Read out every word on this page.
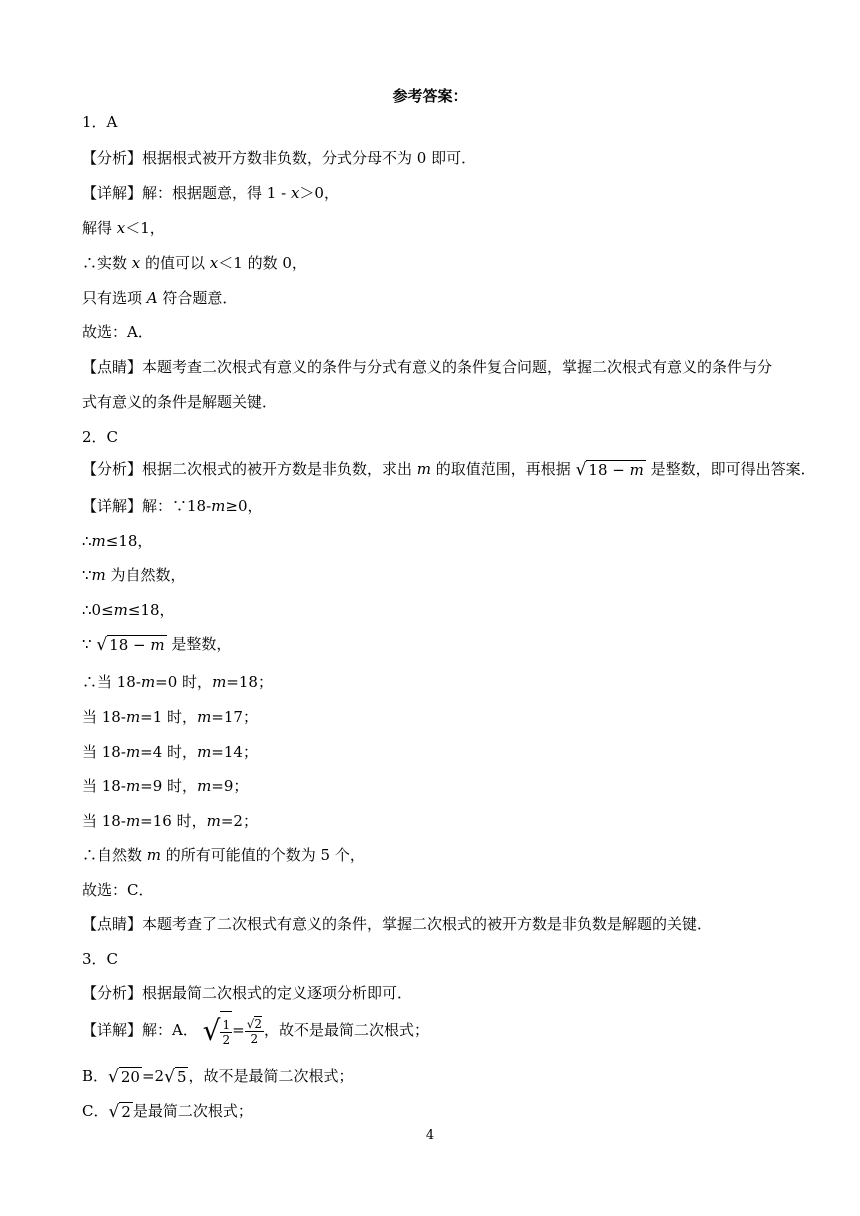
参考答案：
1．A
【分析】根据根式被开方数非负数，分式分母不为 0 即可．
【详解】解：根据题意，得 1 - x＞0，
解得 x＜1，
∴实数 x 的值可以 x＜1 的数 0，
只有选项 A 符合题意．
故选：A．
【点睛】本题考查二次根式有意义的条件与分式有意义的条件复合问题，掌握二次根式有意义的条件与分
式有意义的条件是解题关键．
2．C
【分析】根据二次根式的被开方数是非负数，求出 m 的取值范围，再根据 √ 18 − m 是整数，即可得出答案．
【详解】解：∵18-m≥0，
∴m≤18，
∵m 为自然数，
∴0≤m≤18，
∵ √ 18 − m 是整数，
∴当 18-m=0 时，m=18；
当 18-m=1 时，m=17；
当 18-m=4 时，m=14；
当 18-m=9 时，m=9；
当 18-m=16 时，m=2；
∴自然数 m 的所有可能值的个数为 5 个，
故选：C．
【点睛】本题考查了二次根式有意义的条件，掌握二次根式的被开方数是非负数是解题的关键．
3．C
【分析】根据最简二次根式的定义逐项分析即可．
【详解】解：A． √ $\frac{1}{2} = \frac{√2}{2}$ ，故不是最简二次根式；
B．√ 20 =2√ 5 ，故不是最简二次根式；
C．√ 2 是最简二次根式；
4
